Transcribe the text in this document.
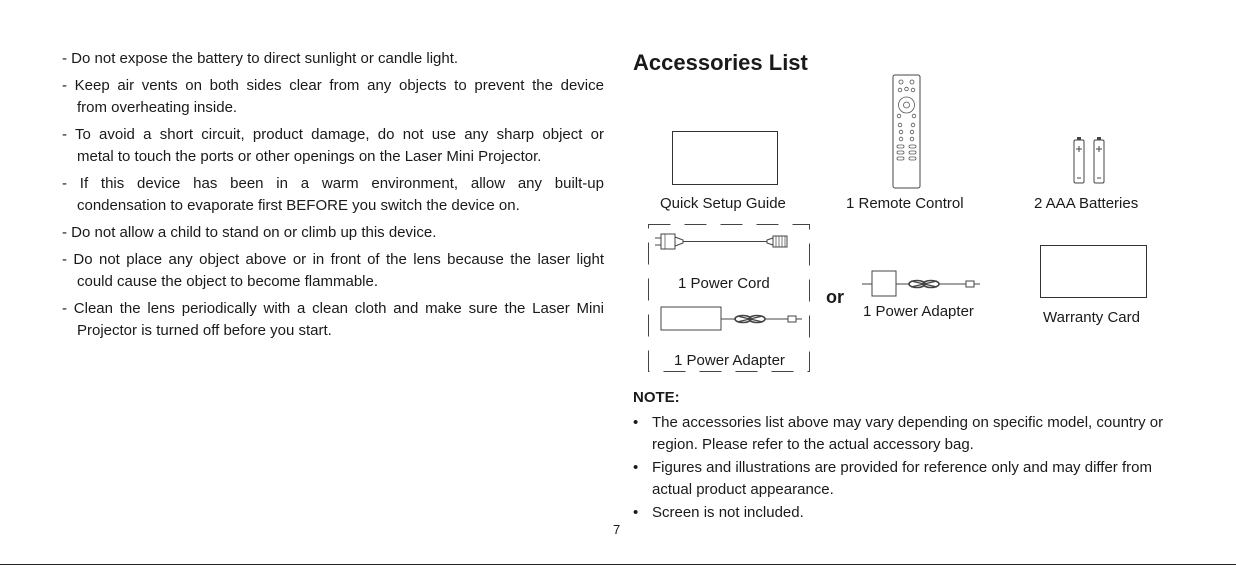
- Do not expose the battery to direct sunlight or candle light.
- Keep air vents on both sides clear from any objects to prevent the device
from overheating inside.
- To avoid a short circuit, product damage, do not use any sharp object or
metal to touch the ports or other openings on the Laser Mini Projector.
- If this device has been in a warm environment, allow any built-up
condensation to evaporate first BEFORE you switch the device on.
- Do not allow a child to stand on or climb up this device.
- Do not place any object above or in front of the lens because the laser light
could cause the object to become flammable.
- Clean the lens periodically with a clean cloth and make sure the Laser Mini
Projector is turned off before you start.
Accessories List
Quick Setup Guide	1 Remote Control	2 AAA Batteries
1 Power Cord
1 Power Adapter
or
1 Power Adapter	Warranty Card
NOTE:
• The accessories list above may vary depending on specific model, country or region. Please refer to the actual accessory bag.
• Figures and illustrations are provided for reference only and may differ from actual product appearance.
• Screen is not included.
7
